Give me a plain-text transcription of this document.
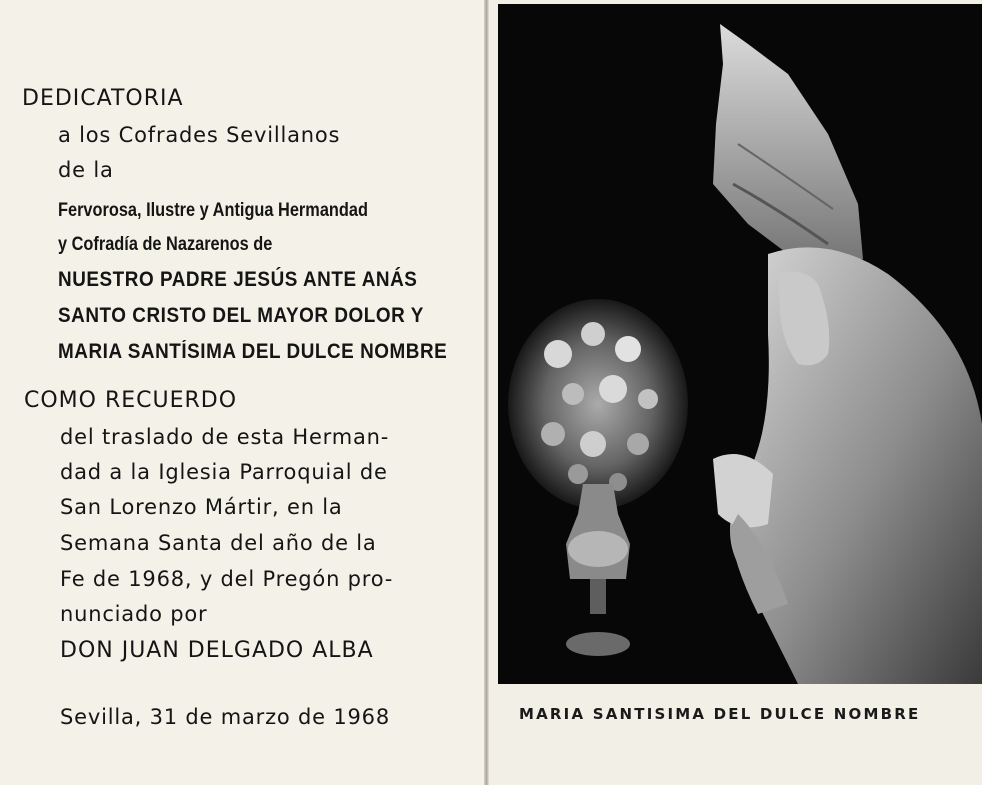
DEDICATORIA
a los Cofrades Sevillanos
de la
Fervorosa, Ilustre y Antigua Hermandad
y Cofradía de Nazarenos de
NUESTRO PADRE JESÚS ANTE ANÁS
SANTO CRISTO DEL MAYOR DOLOR Y
MARIA SANTÍSIMA DEL DULCE NOMBRE
COMO RECUERDO
del traslado de esta Herman-
dad a la Iglesia Parroquial de
San Lorenzo Mártir, en la
Semana Santa del año de la
Fe de 1968, y del Pregón pro-
nunciado por
DON JUAN DELGADO ALBA
Sevilla, 31 de marzo de 1968	MARIA SANTISIMA DEL DULCE NOMBRE
